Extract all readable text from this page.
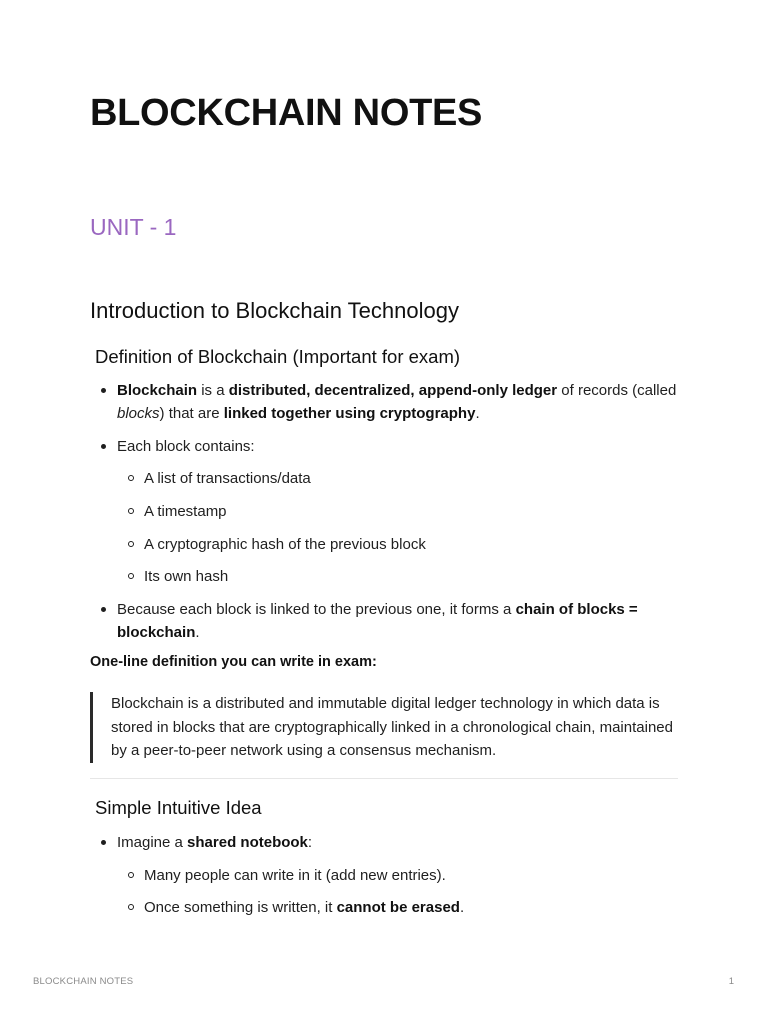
BLOCKCHAIN NOTES
UNIT - 1
Introduction to Blockchain Technology
Definition of Blockchain (Important for exam)
Blockchain is a distributed, decentralized, append-only ledger of records (called blocks) that are linked together using cryptography.
Each block contains:
A list of transactions/data
A timestamp
A cryptographic hash of the previous block
Its own hash
Because each block is linked to the previous one, it forms a chain of blocks = blockchain.
One-line definition you can write in exam:
Blockchain is a distributed and immutable digital ledger technology in which data is stored in blocks that are cryptographically linked in a chronological chain, maintained by a peer-to-peer network using a consensus mechanism.
Simple Intuitive Idea
Imagine a shared notebook:
Many people can write in it (add new entries).
Once something is written, it cannot be erased.
BLOCKCHAIN NOTES	1
